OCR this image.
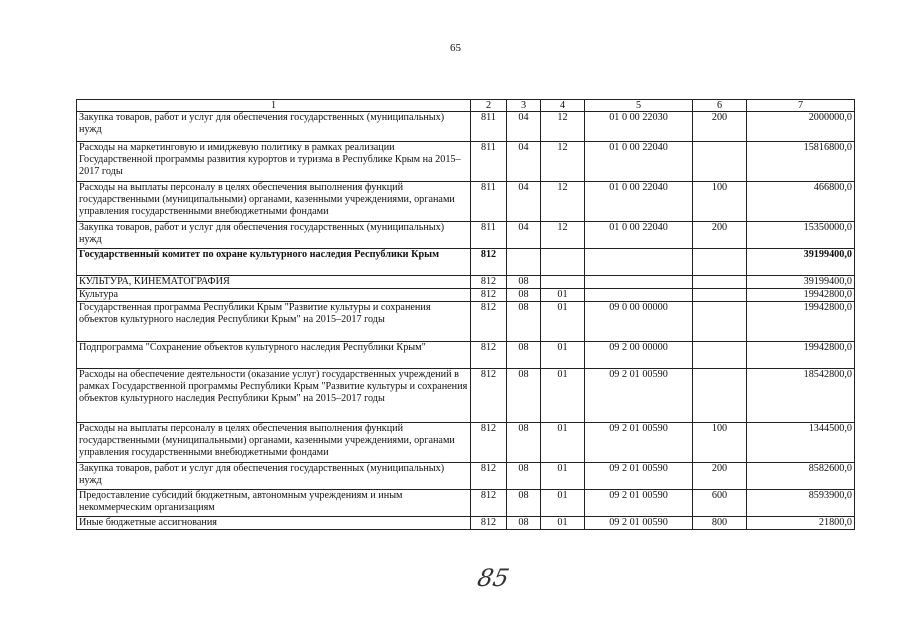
65
1	2	3	4	5	6	7
Закупка товаров, работ и услуг для обеспечения государственных (муниципальных) нужд	811	04	12	01 0 00 22030	200	2000000,0
Расходы на маркетинговую и имиджевую политику в рамках реализации Государственной программы развития курортов и туризма в Республике Крым на 2015–2017 годы	811	04	12	01 0 00 22040		15816800,0
Расходы на выплаты персоналу в целях обеспечения выполнения функций государственными (муниципальными) органами, казенными учреждениями, органами управления государственными внебюджетными фондами	811	04	12	01 0 00 22040	100	466800,0
Закупка товаров, работ и услуг для обеспечения государственных (муниципальных) нужд	811	04	12	01 0 00 22040	200	15350000,0
Государственный комитет по охране культурного наследия Республики Крым	812					39199400,0
КУЛЬТУРА, КИНЕМАТОГРАФИЯ	812	08				39199400,0
Культура	812	08	01			19942800,0
Государственная программа Республики Крым "Развитие культуры и сохранения объектов культурного наследия Республики Крым" на 2015–2017 годы	812	08	01	09 0 00 00000		19942800,0
Подпрограмма "Сохранение объектов культурного наследия Республики Крым"	812	08	01	09 2 00 00000		19942800,0
Расходы на обеспечение деятельности (оказание услуг) государственных учреждений в рамках Государственной программы Республики Крым "Развитие культуры и сохранения объектов культурного наследия Республики Крым" на 2015–2017 годы	812	08	01	09 2 01 00590		18542800,0
Расходы на выплаты персоналу в целях обеспечения выполнения функций государственными (муниципальными) органами, казенными учреждениями, органами управления государственными внебюджетными фондами	812	08	01	09 2 01 00590	100	1344500,0
Закупка товаров, работ и услуг для обеспечения государственных (муниципальных) нужд	812	08	01	09 2 01 00590	200	8582600,0
Предоставление субсидий бюджетным, автономным учреждениям и иным некоммерческим организациям	812	08	01	09 2 01 00590	600	8593900,0
Иные бюджетные ассигнования	812	08	01	09 2 01 00590	800	21800,0
85
